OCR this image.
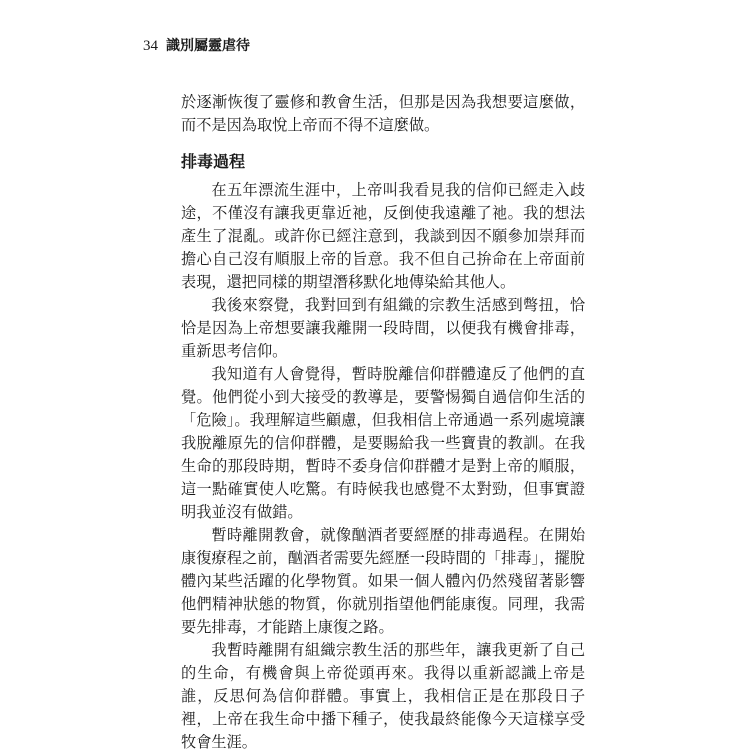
34 識別屬靈虐待

於逐漸恢復了靈修和教會生活，但那是因為我想要這麼做，而不是因為取悅上帝而不得不這麼做。

排毒過程

在五年漂流生涯中，上帝叫我看見我的信仰已經走入歧途，不僅沒有讓我更靠近祂，反倒使我遠離了祂。我的想法產生了混亂。或許你已經注意到，我談到因不願參加崇拜而擔心自己沒有順服上帝的旨意。我不但自己拚命在上帝面前表現，還把同樣的期望潛移默化地傳染給其他人。

我後來察覺，我對回到有組織的宗教生活感到彆扭，恰恰是因為上帝想要讓我離開一段時間，以便我有機會排毒，重新思考信仰。

我知道有人會覺得，暫時脫離信仰群體違反了他們的直覺。他們從小到大接受的教導是，要警惕獨自過信仰生活的「危險」。我理解這些顧慮，但我相信上帝通過一系列處境讓我脫離原先的信仰群體，是要賜給我一些寶貴的教訓。在我生命的那段時期，暫時不委身信仰群體才是對上帝的順服，這一點確實使人吃驚。有時候我也感覺不太對勁，但事實證明我並沒有做錯。

暫時離開教會，就像酗酒者要經歷的排毒過程。在開始康復療程之前，酗酒者需要先經歷一段時間的「排毒」，擺脫體內某些活躍的化學物質。如果一個人體內仍然殘留著影響他們精神狀態的物質，你就別指望他們能康復。同理，我需要先排毒，才能踏上康復之路。

我暫時離開有組織宗教生活的那些年，讓我更新了自己的生命，有機會與上帝從頭再來。我得以重新認識上帝是誰，反思何為信仰群體。事實上，我相信正是在那段日子裡，上帝在我生命中播下種子，使我最終能像今天這樣享受牧會生涯。
